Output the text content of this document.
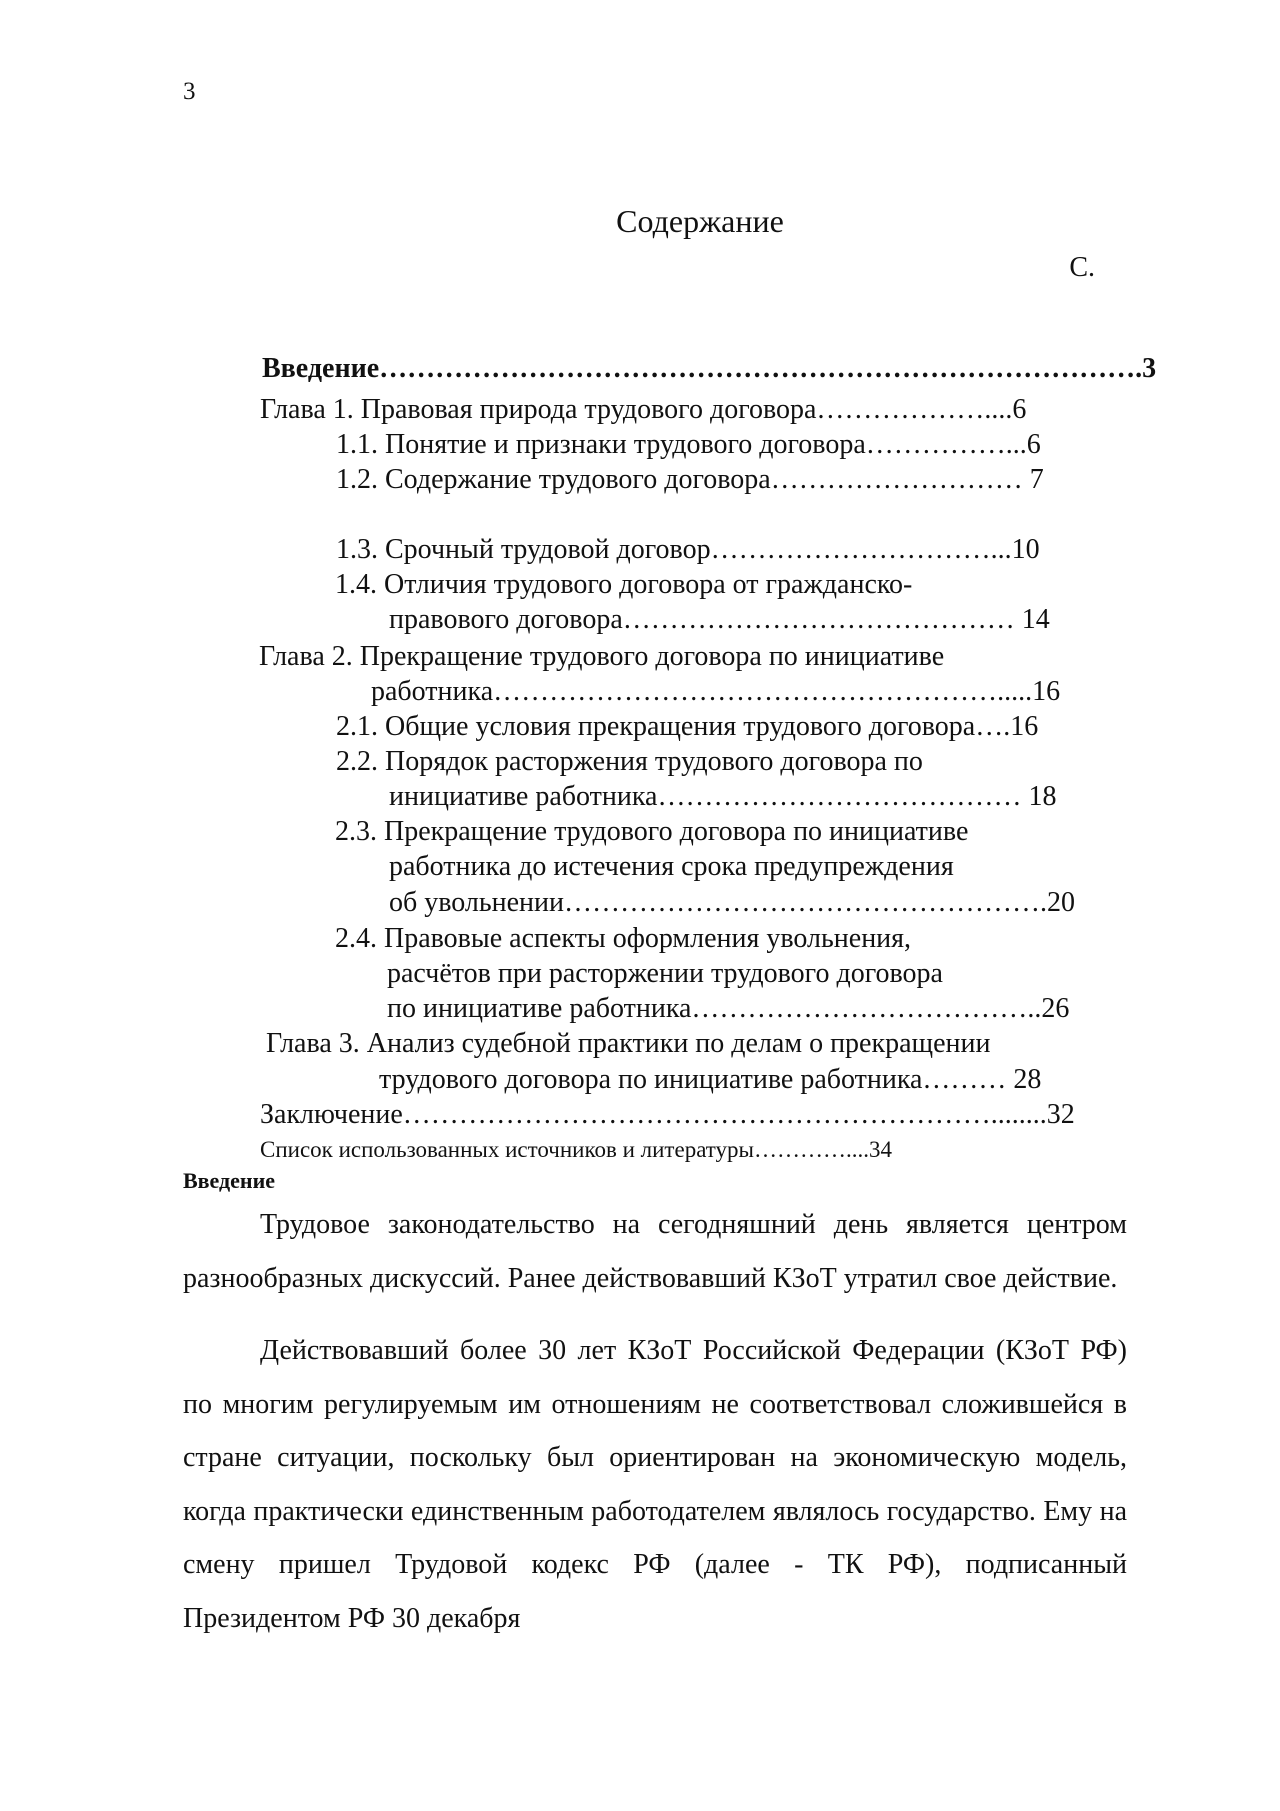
3
Содержание
С.
Введение……………………………………………………………………….3
Глава 1. Правовая природа трудового договора………………....6
1.1. Понятие и признаки трудового договора……………...6
1.2. Содержание трудового договора……………………… 7
1.3. Срочный трудовой договор…………………………...10
1.4. Отличия трудового договора от гражданско-
правового договора…………………………………… 14
Глава 2. Прекращение трудового договора по инициативе
работника……………………………………………….....16
2.1. Общие условия прекращения трудового договора….16
2.2. Порядок расторжения трудового договора по
инициативе работника………………………………… 18
2.3. Прекращение трудового договора по инициативе
работника до истечения срока предупреждения
об увольнении…………………………………………….20
2.4. Правовые аспекты оформления увольнения,
расчётов при расторжении трудового договора
по инициативе работника………………………………..26
Глава 3. Анализ судебной практики по делам о прекращении
трудового договора по инициативе работника……… 28
Заключение………………………………………………………........32
Список использованных источников и литературы…………....34
Введение

Трудовое законодательство на сегодняшний день является центром разнообразных дискуссий. Ранее действовавший КЗоТ утратил свое действие.

Действовавший более 30 лет КЗоТ Российской Федерации (КЗоТ РФ) по многим регулируемым им отношениям не соответствовал сложившейся в стране ситуации, поскольку был ориентирован на экономическую модель, когда практически единственным работодателем являлось государство. Ему на смену пришел Трудовой кодекс РФ (далее - ТК РФ), подписанный Президентом РФ 30 декабря
